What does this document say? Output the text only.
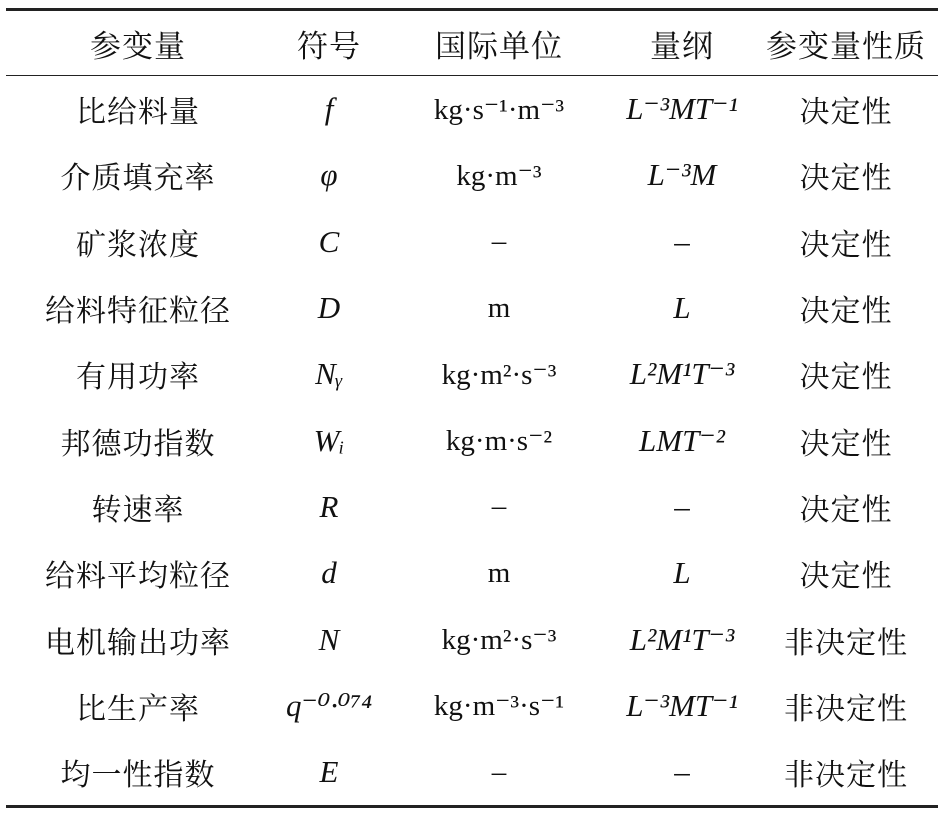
参变量	符号	国际单位	量纲	参变量性质
比给料量	f	kg·s⁻¹·m⁻³	L⁻³MT⁻¹	决定性
介质填充率	φ	kg·m⁻³	L⁻³M	决定性
矿浆浓度	C	–	–	决定性
给料特征粒径	D	m	L	决定性
有用功率	Nᵧ	kg·m²·s⁻³	L²M¹T⁻³	决定性
邦德功指数	Wᵢ	kg·m·s⁻²	LMT⁻²	决定性
转速率	R	–	–	决定性
给料平均粒径	d	m	L	决定性
电机输出功率	N	kg·m²·s⁻³	L²M¹T⁻³	非决定性
比生产率	q⁻⁰·⁰⁷⁴	kg·m⁻³·s⁻¹	L⁻³MT⁻¹	非决定性
均一性指数	E	–	–	非决定性
